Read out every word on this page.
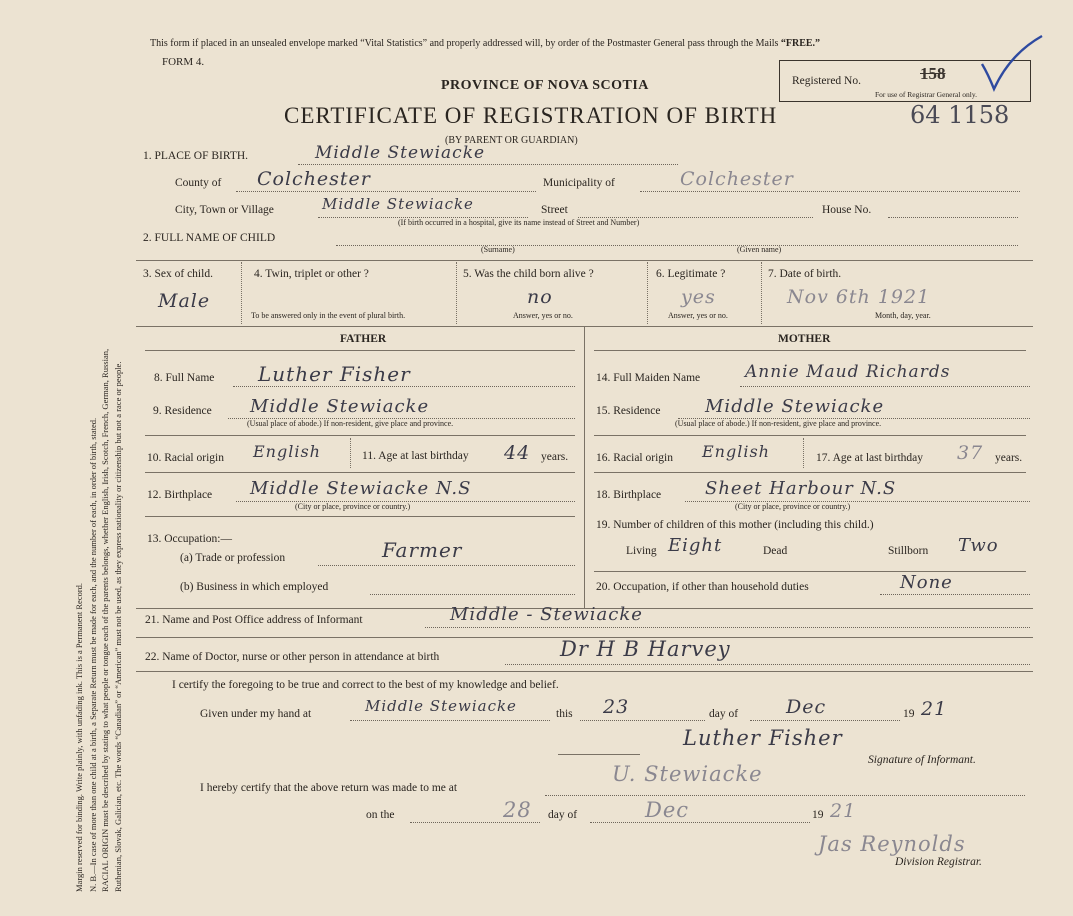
Margin reserved for binding. Write plainly, with unfading ink. This is a Permanent Record. N. B.—In case of more than one child at a birth, a Separate Return must be made for each, and the number of each, in order of birth, stated. RACIAL ORIGIN must be described by stating to what people or tongue each of the parents belongs, whether English, Irish, Scotch, French, German, Russian, Ruthenian, Slovak, Galician, etc. The words “Canadian” or “American” must not be used, as they express nationality or citizenship but not a race or people.
This form if placed in an unsealed envelope marked “Vital Statistics” and properly addressed will, by order of the Postmaster General pass through the Mails “FREE.”
FORM 4.
PROVINCE OF NOVA SCOTIA
CERTIFICATE OF REGISTRATION OF BIRTH
(BY PARENT OR GUARDIAN)
Registered No.	158
For use of Registrar General only.
64 1158
1. PLACE OF BIRTH.	Middle Stewiacke
County of Colchester	Municipality of	Colchester
City, Town or Village	Middle Stewiacke	Street	House No.
(If birth occurred in a hospital, give its name instead of Street and Number)
2. FULL NAME OF CHILD
(Surname)	(Given name)
3. Sex of child.
Male
4. Twin, triplet or other ?
To be answered only in the event of plural birth.
5. Was the child born alive ?
no
Answer, yes or no.
6. Legitimate ?
yes
Answer, yes or no.
7. Date of birth.
Nov 6th 1921
Month, day, year.
FATHER	MOTHER
8. Full Name Luther Fisher	14. Full Maiden Name	Annie Maud Richards
9. Residence Middle Stewiacke
(Usual place of abode.) If non-resident, give place and province.
15. Residence Middle Stewiacke
(Usual place of abode.) If non-resident, give place and province.
10. Racial origin English	11. Age at last birthday 44 years. 16. Racial origin English	17. Age at last birthday 37 years.
12. Birthplace Middle Stewiacke N.S
(City or place, province or country.)
18. Birthplace Sheet Harbour N.S
(City or place, province or country.)
13. Occupation:—
(a) Trade or profession	Farmer
(b) Business in which employed
19. Number of children of this mother (including this child.)
Living Eight	Dead	Stillborn Two
20. Occupation, if other than household duties	None
21. Name and Post Office address of Informant	Middle - Stewiacke
22. Name of Doctor, nurse or other person in attendance at birth	Dr H B Harvey
I certify the foregoing to be true and correct to the best of my knowledge and belief.
Given under my hand at	Middle Stewiacke	this 23	day of	Dec	19 21
Luther Fisher
Signature of Informant.
I hereby certify that the above return was made to me at
U. Stewiacke
on the	28 day of	Dec	19 21
Jas Reynolds
Division Registrar.
